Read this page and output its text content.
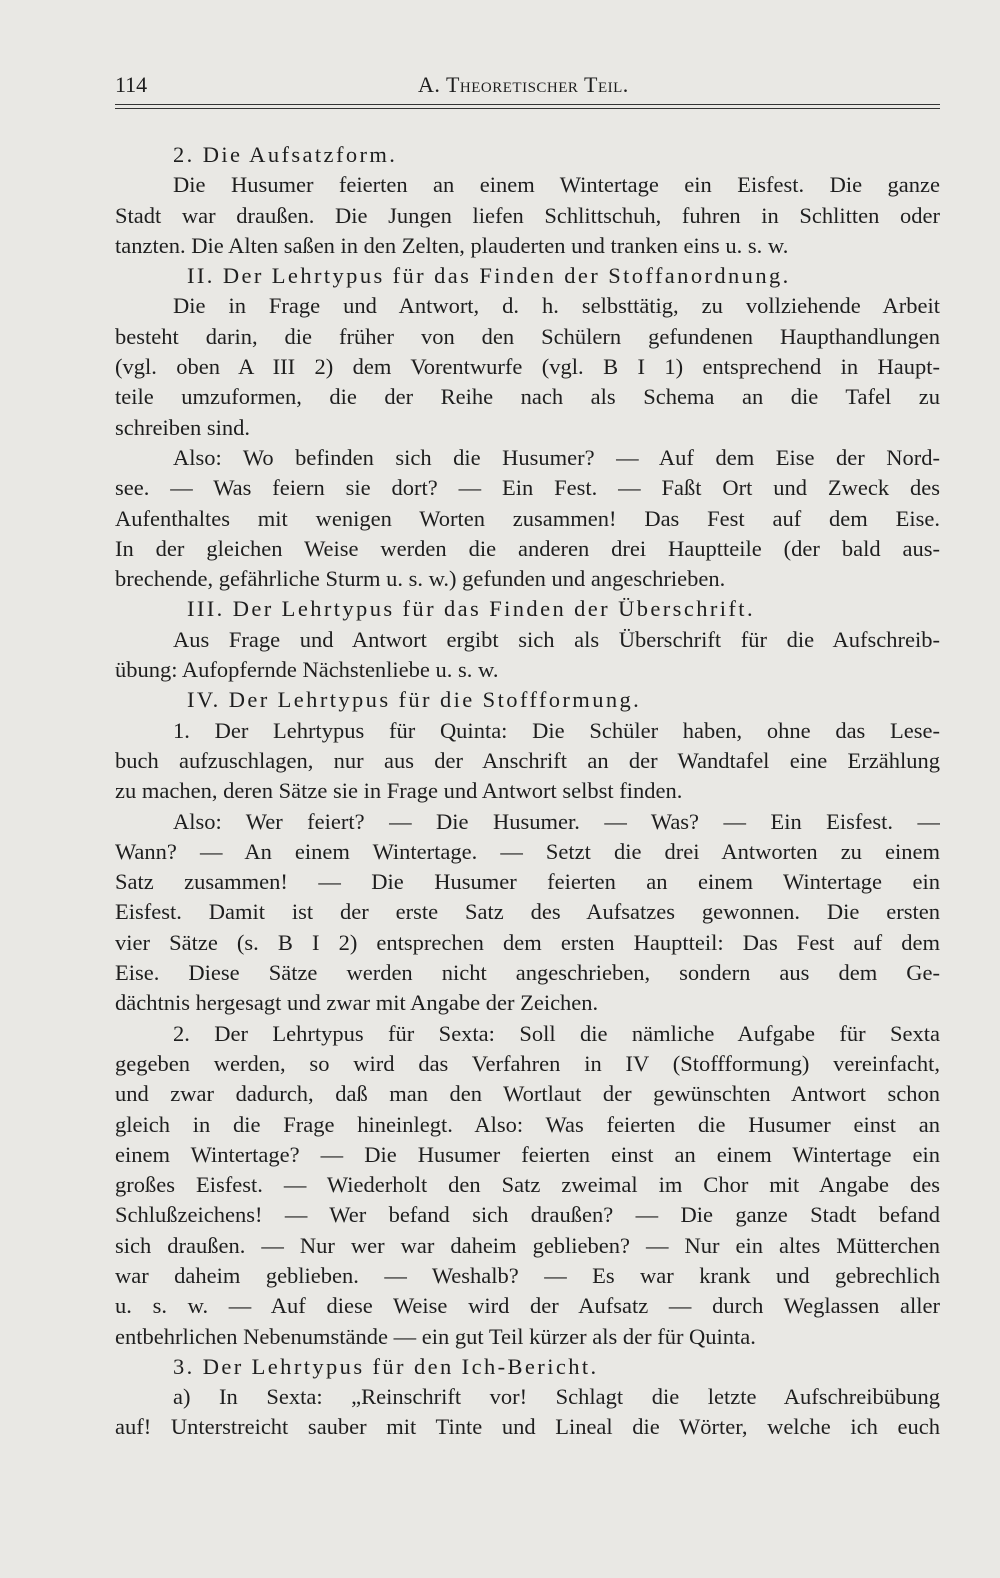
114	A. Theoretischer Teil.
2. Die Aufsatzform.
Die Husumer feierten an einem Wintertage ein Eisfest. Die ganze
Stadt war draußen. Die Jungen liefen Schlittschuh, fuhren in Schlitten oder
tanzten. Die Alten saßen in den Zelten, plauderten und tranken eins u. s. w.
II. Der Lehrtypus für das Finden der Stoffanordnung.
Die in Frage und Antwort, d. h. selbsttätig, zu vollziehende Arbeit
besteht darin, die früher von den Schülern gefundenen Haupthandlungen
(vgl. oben A III 2) dem Vorentwurfe (vgl. B I 1) entsprechend in Haupt-
teile umzuformen, die der Reihe nach als Schema an die Tafel zu
schreiben sind.
Also: Wo befinden sich die Husumer? — Auf dem Eise der Nord-
see. — Was feiern sie dort? — Ein Fest. — Faßt Ort und Zweck des
Aufenthaltes mit wenigen Worten zusammen! Das Fest auf dem Eise.
In der gleichen Weise werden die anderen drei Hauptteile (der bald aus-
brechende, gefährliche Sturm u. s. w.) gefunden und angeschrieben.
III. Der Lehrtypus für das Finden der Überschrift.
Aus Frage und Antwort ergibt sich als Überschrift für die Aufschreib-
übung: Aufopfernde Nächstenliebe u. s. w.
IV. Der Lehrtypus für die Stoffformung.
1. Der Lehrtypus für Quinta: Die Schüler haben, ohne das Lese-
buch aufzuschlagen, nur aus der Anschrift an der Wandtafel eine Erzählung
zu machen, deren Sätze sie in Frage und Antwort selbst finden.
Also: Wer feiert? — Die Husumer. — Was? — Ein Eisfest. —
Wann? — An einem Wintertage. — Setzt die drei Antworten zu einem
Satz zusammen! — Die Husumer feierten an einem Wintertage ein
Eisfest. Damit ist der erste Satz des Aufsatzes gewonnen. Die ersten
vier Sätze (s. B I 2) entsprechen dem ersten Hauptteil: Das Fest auf dem
Eise. Diese Sätze werden nicht angeschrieben, sondern aus dem Ge-
dächtnis hergesagt und zwar mit Angabe der Zeichen.
2. Der Lehrtypus für Sexta: Soll die nämliche Aufgabe für Sexta
gegeben werden, so wird das Verfahren in IV (Stoffformung) vereinfacht,
und zwar dadurch, daß man den Wortlaut der gewünschten Antwort schon
gleich in die Frage hineinlegt. Also: Was feierten die Husumer einst an
einem Wintertage? — Die Husumer feierten einst an einem Wintertage ein
großes Eisfest. — Wiederholt den Satz zweimal im Chor mit Angabe des
Schlußzeichens! — Wer befand sich draußen? — Die ganze Stadt befand
sich draußen. — Nur wer war daheim geblieben? — Nur ein altes Mütterchen
war daheim geblieben. — Weshalb? — Es war krank und gebrechlich
u. s. w. — Auf diese Weise wird der Aufsatz — durch Weglassen aller
entbehrlichen Nebenumstände — ein gut Teil kürzer als der für Quinta.
3. Der Lehrtypus für den Ich-Bericht.
a) In Sexta: „Reinschrift vor! Schlagt die letzte Aufschreibübung
auf! Unterstreicht sauber mit Tinte und Lineal die Wörter, welche ich euch
